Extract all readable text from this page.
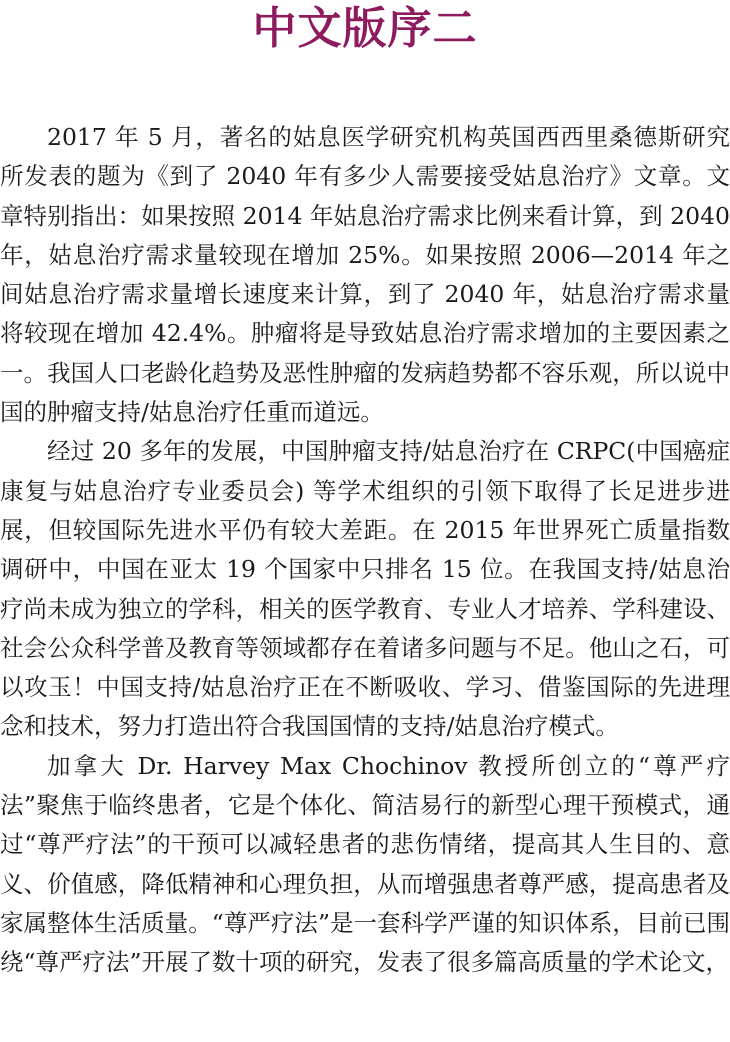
中文版序二

2017 年 5 月，著名的姑息医学研究机构英国西西里桑德斯研究所发表的题为《到了 2040 年有多少人需要接受姑息治疗》文章。文章特别指出：如果按照 2014 年姑息治疗需求比例来看计算，到 2040 年，姑息治疗需求量较现在增加 25%。如果按照 2006—2014 年之间姑息治疗需求量增长速度来计算，到了 2040 年，姑息治疗需求量将较现在增加 42.4%。肿瘤将是导致姑息治疗需求增加的主要因素之一。我国人口老龄化趋势及恶性肿瘤的发病趋势都不容乐观，所以说中国的肿瘤支持/姑息治疗任重而道远。

经过 20 多年的发展，中国肿瘤支持/姑息治疗在 CRPC(中国癌症康复与姑息治疗专业委员会) 等学术组织的引领下取得了长足进步进展，但较国际先进水平仍有较大差距。在 2015 年世界死亡质量指数调研中，中国在亚太 19 个国家中只排名 15 位。在我国支持/姑息治疗尚未成为独立的学科，相关的医学教育、专业人才培养、学科建设、社会公众科学普及教育等领域都存在着诸多问题与不足。他山之石，可以攻玉！中国支持/姑息治疗正在不断吸收、学习、借鉴国际的先进理念和技术，努力打造出符合我国国情的支持/姑息治疗模式。

加拿大 Dr. Harvey Max Chochinov 教授所创立的“尊严疗法”聚焦于临终患者，它是个体化、简洁易行的新型心理干预模式，通过“尊严疗法”的干预可以减轻患者的悲伤情绪，提高其人生目的、意义、价值感，降低精神和心理负担，从而增强患者尊严感，提高患者及家属整体生活质量。“尊严疗法”是一套科学严谨的知识体系，目前已围绕“尊严疗法”开展了数十项的研究，发表了很多篇高质量的学术论文，
